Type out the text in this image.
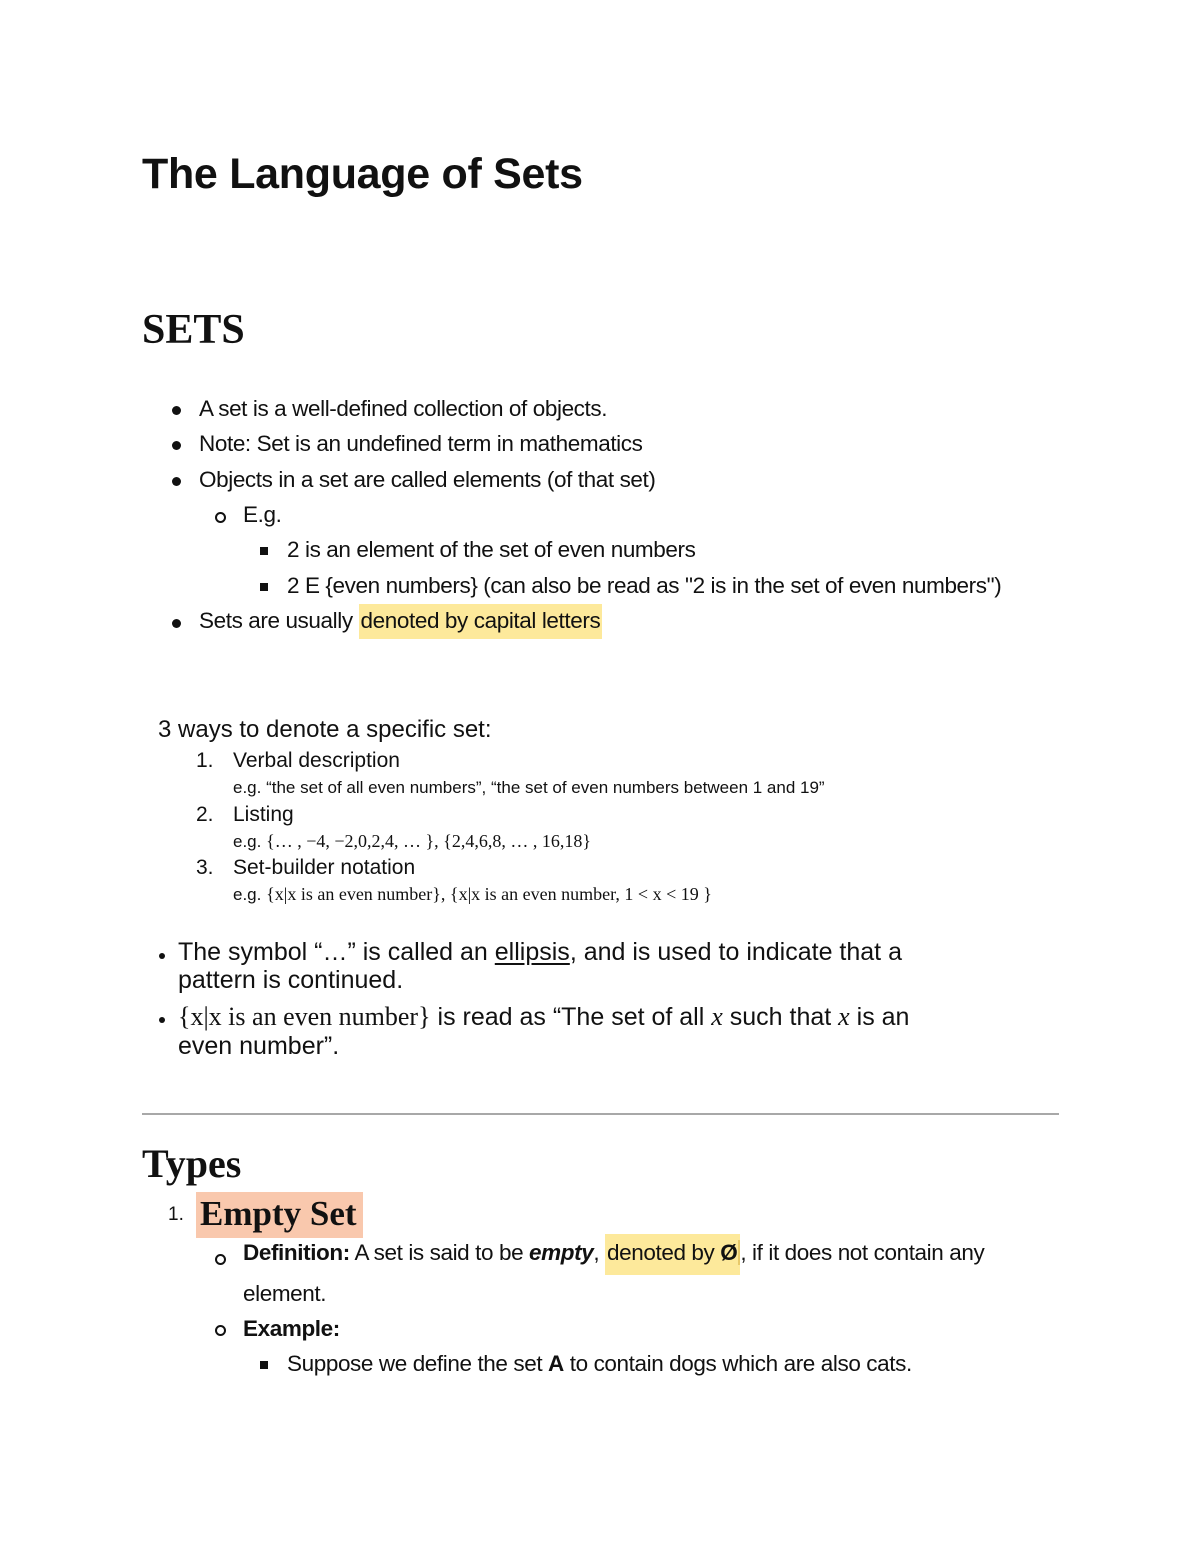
The Language of Sets
SETS
A set is a well-defined collection of objects.
Note: Set is an undefined term in mathematics
Objects in a set are called elements (of that set)
E.g.
2 is an element of the set of even numbers
2 E {even numbers} (can also be read as "2 is in the set of even numbers")
Sets are usually denoted by capital letters
3 ways to denote a specific set:
1. Verbal description
e.g. “the set of all even numbers”, “the set of even numbers between 1 and 19”
2. Listing
e.g. {… , −4, −2,0,2,4, … }, {2,4,6,8, … , 16,18}
3. Set-builder notation
e.g. {x|x is an even number}, {x|x is an even number, 1 < x < 19 }
The symbol “…” is called an ellipsis, and is used to indicate that a
pattern is continued.
{x|x is an even number} is read as “The set of all x such that x is an
even number”.
Types
1. Empty Set
Definition: A set is said to be empty, denoted by Ø , if it does not contain any
element.
Example:
Suppose we define the set A to contain dogs which are also cats.
